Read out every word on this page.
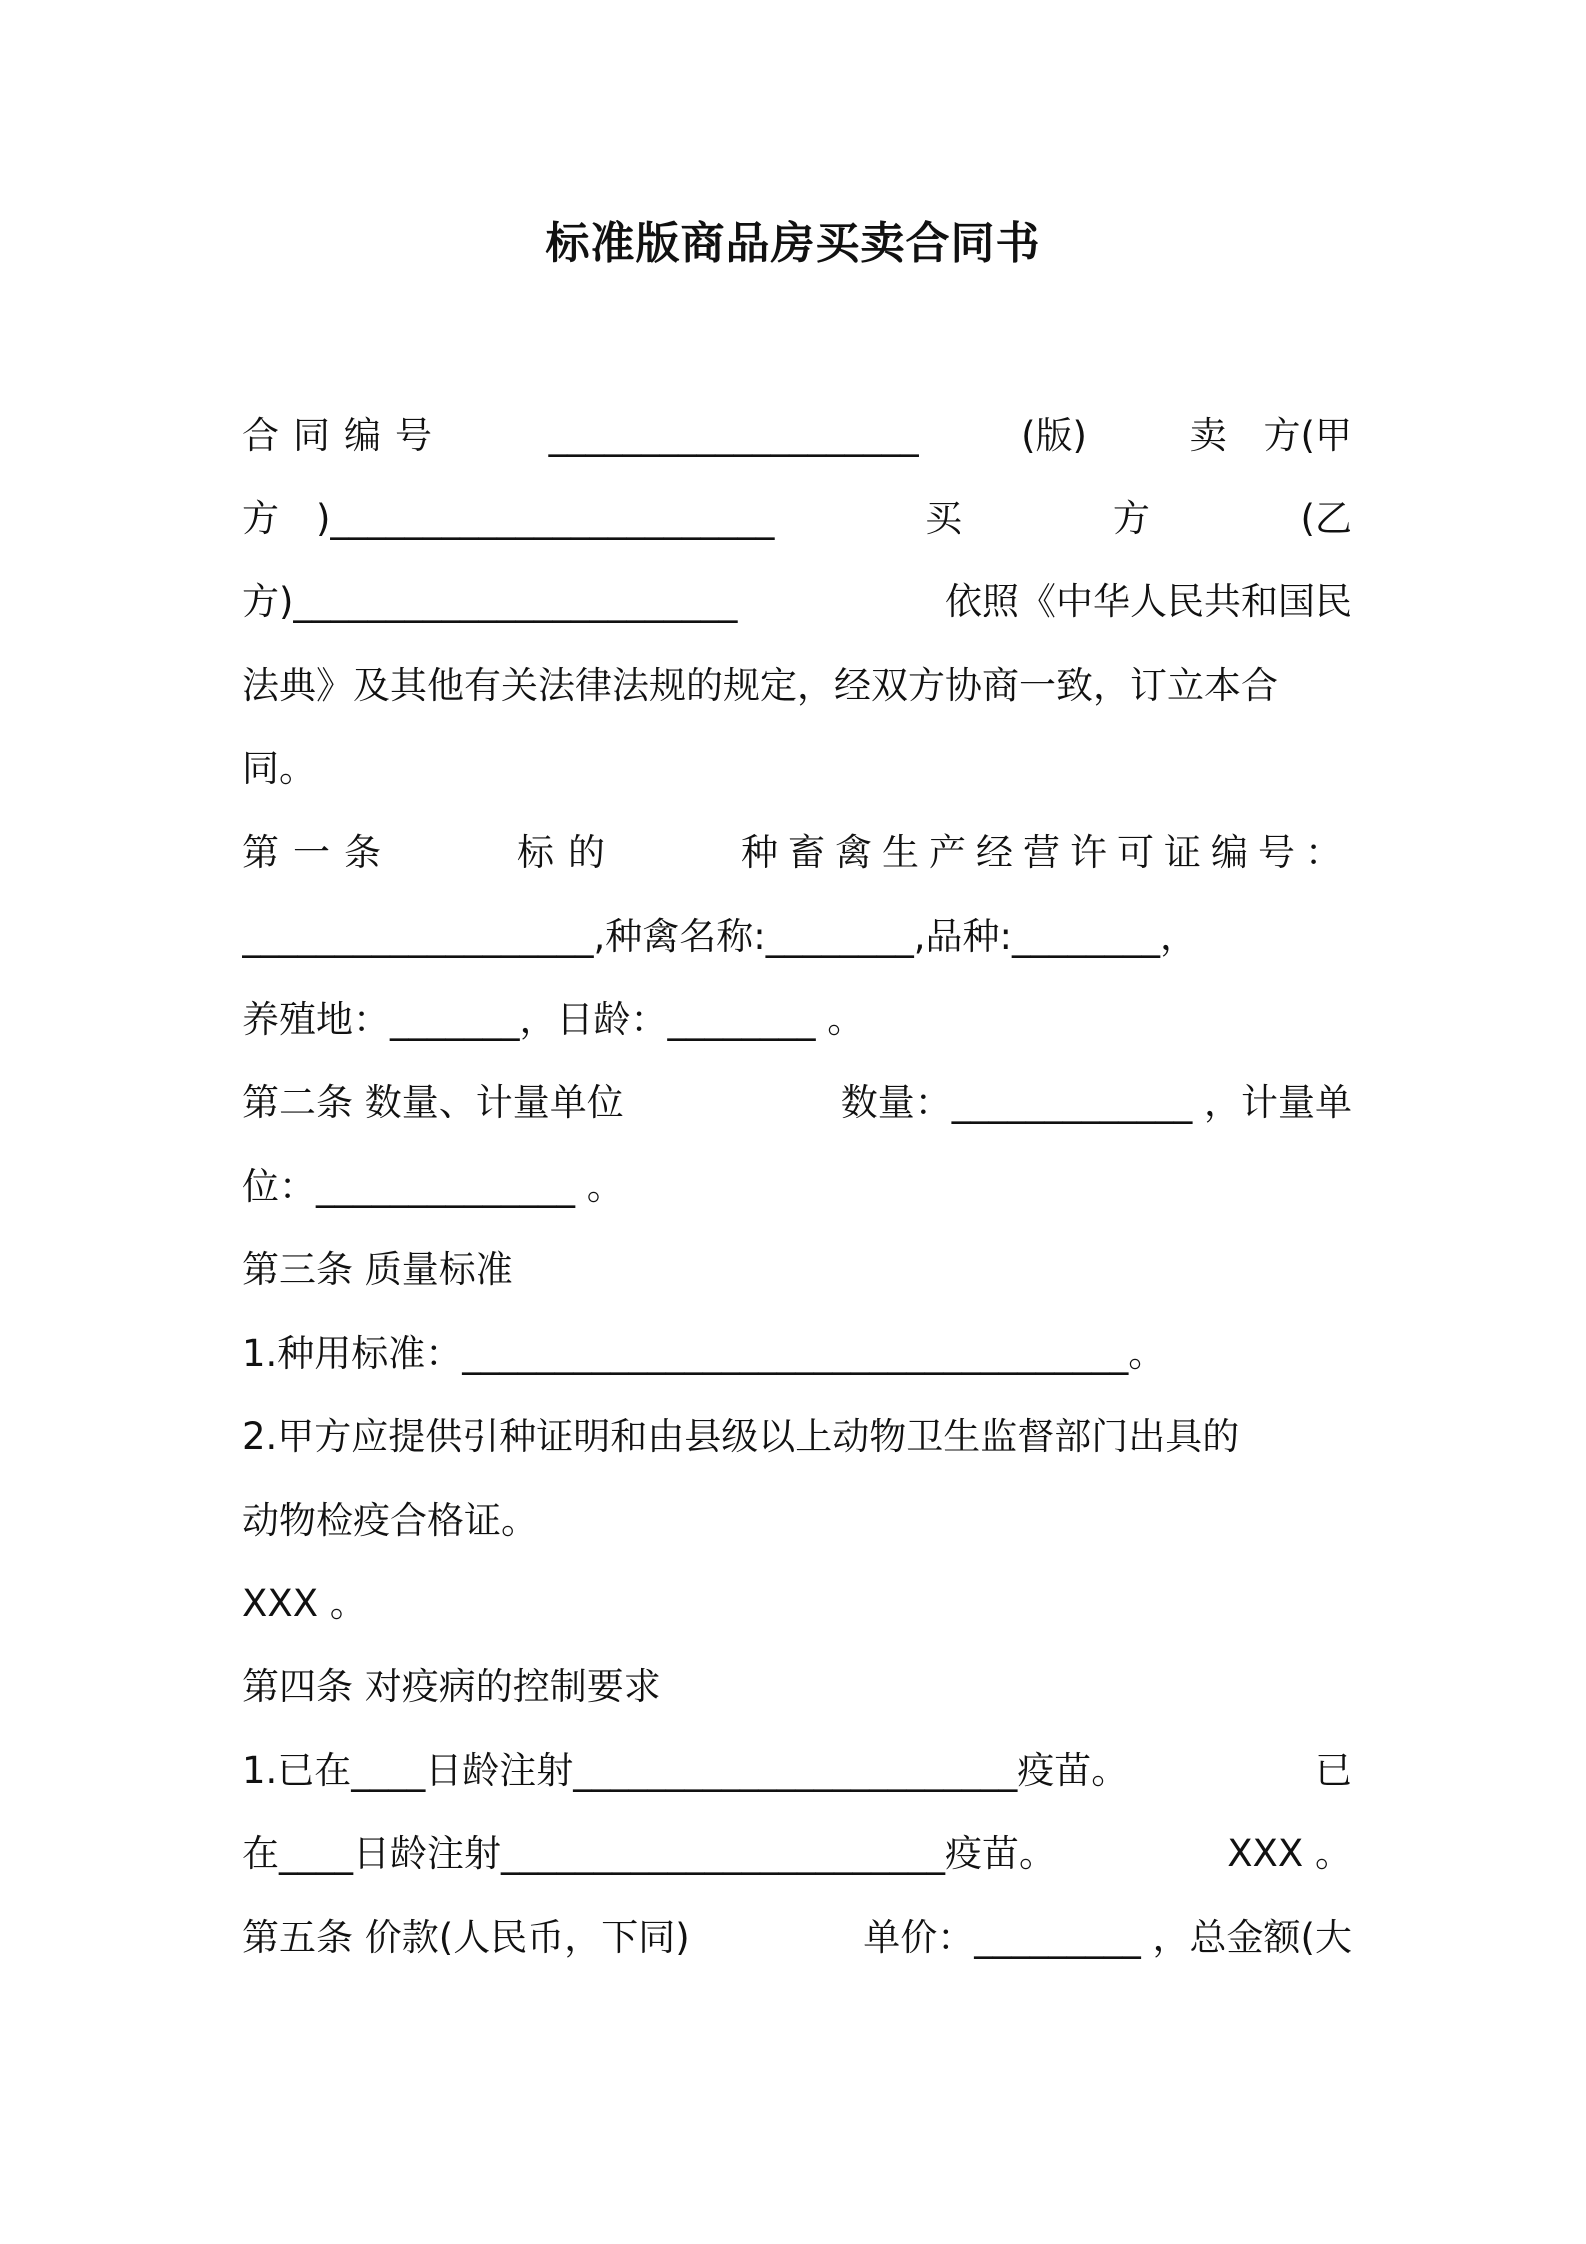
标准版商品房买卖合同书
合同编号	____________________	(版)	卖　方(甲
方　)________________________	买	方	(乙
方)________________________	依照《中华人民共和国民
法典》及其他有关法律法规的规定，经双方协商一致，订立本合
同。
第一条	标的	种畜禽生产经营许可证编号：
___________________,种禽名称:________,品种:________，
养殖地：_______，日龄：________ 。
第二条 数量、计量单位	数量：_____________ ，计量单
位：______________ 。
第三条 质量标准
1.种用标准：____________________________________。
2.甲方应提供引种证明和由县级以上动物卫生监督部门出具的
动物检疫合格证。
XXX 。
第四条 对疫病的控制要求
1.已在____日龄注射________________________疫苗。	已
在____日龄注射________________________疫苗。	XXX 。
第五条 价款(人民币，下同)	单价：_________ ，总金额(大
